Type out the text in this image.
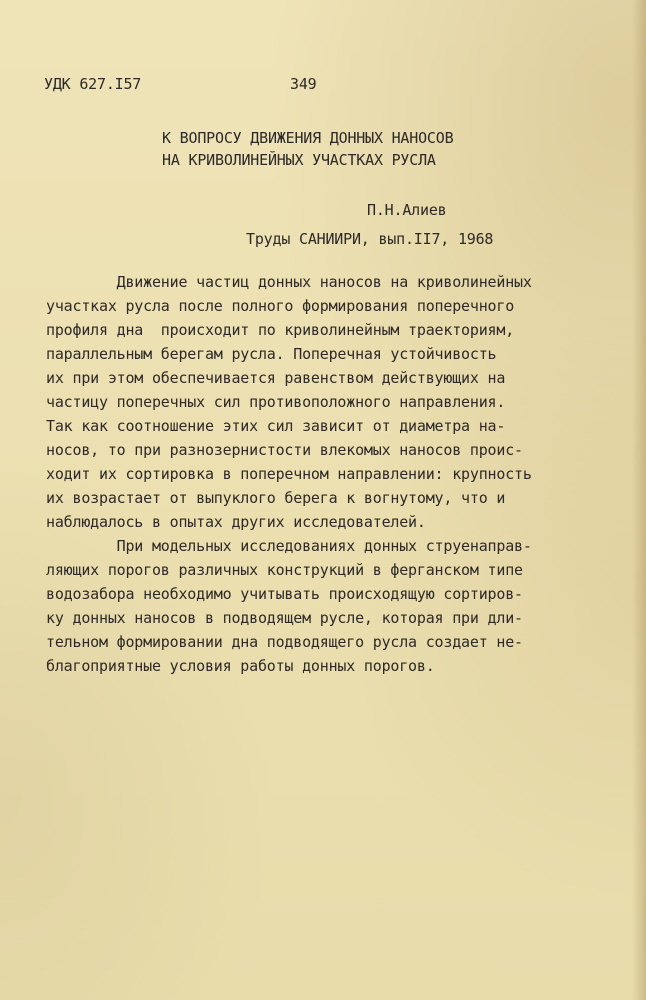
УДК 627.I57	349
К ВОПРОСУ ДВИЖЕНИЯ ДОННЫХ НАНОСОВ
НА КРИВОЛИНЕЙНЫХ УЧАСТКАХ РУСЛА
П.Н.Алиев
Труды САНИИРИ, вып.II7, 1968
Движение частиц донных наносов на криволинейных
участках русла после полного формирования поперечного
профиля дна  происходит по криволинейным траекториям,
параллельным берегам русла. Поперечная устойчивость
их при этом обеспечивается равенством действующих на
частицу поперечных сил противоположного направления.
Так как соотношение этих сил зависит от диаметра на-
носов, то при разнозернистости влекомых наносов проис-
ходит их сортировка в поперечном направлении: крупность
их возрастает от выпуклого берега к вогнутому, что и
наблюдалось в опытах других исследователей.
При модельных исследованиях донных струенаправ-
ляющих порогов различных конструкций в ферганском типе
водозабора необходимо учитывать происходящую сортиров-
ку донных наносов в подводящем русле, которая при дли-
тельном формировании дна подводящего русла создает не-
благоприятные условия работы донных порогов.
